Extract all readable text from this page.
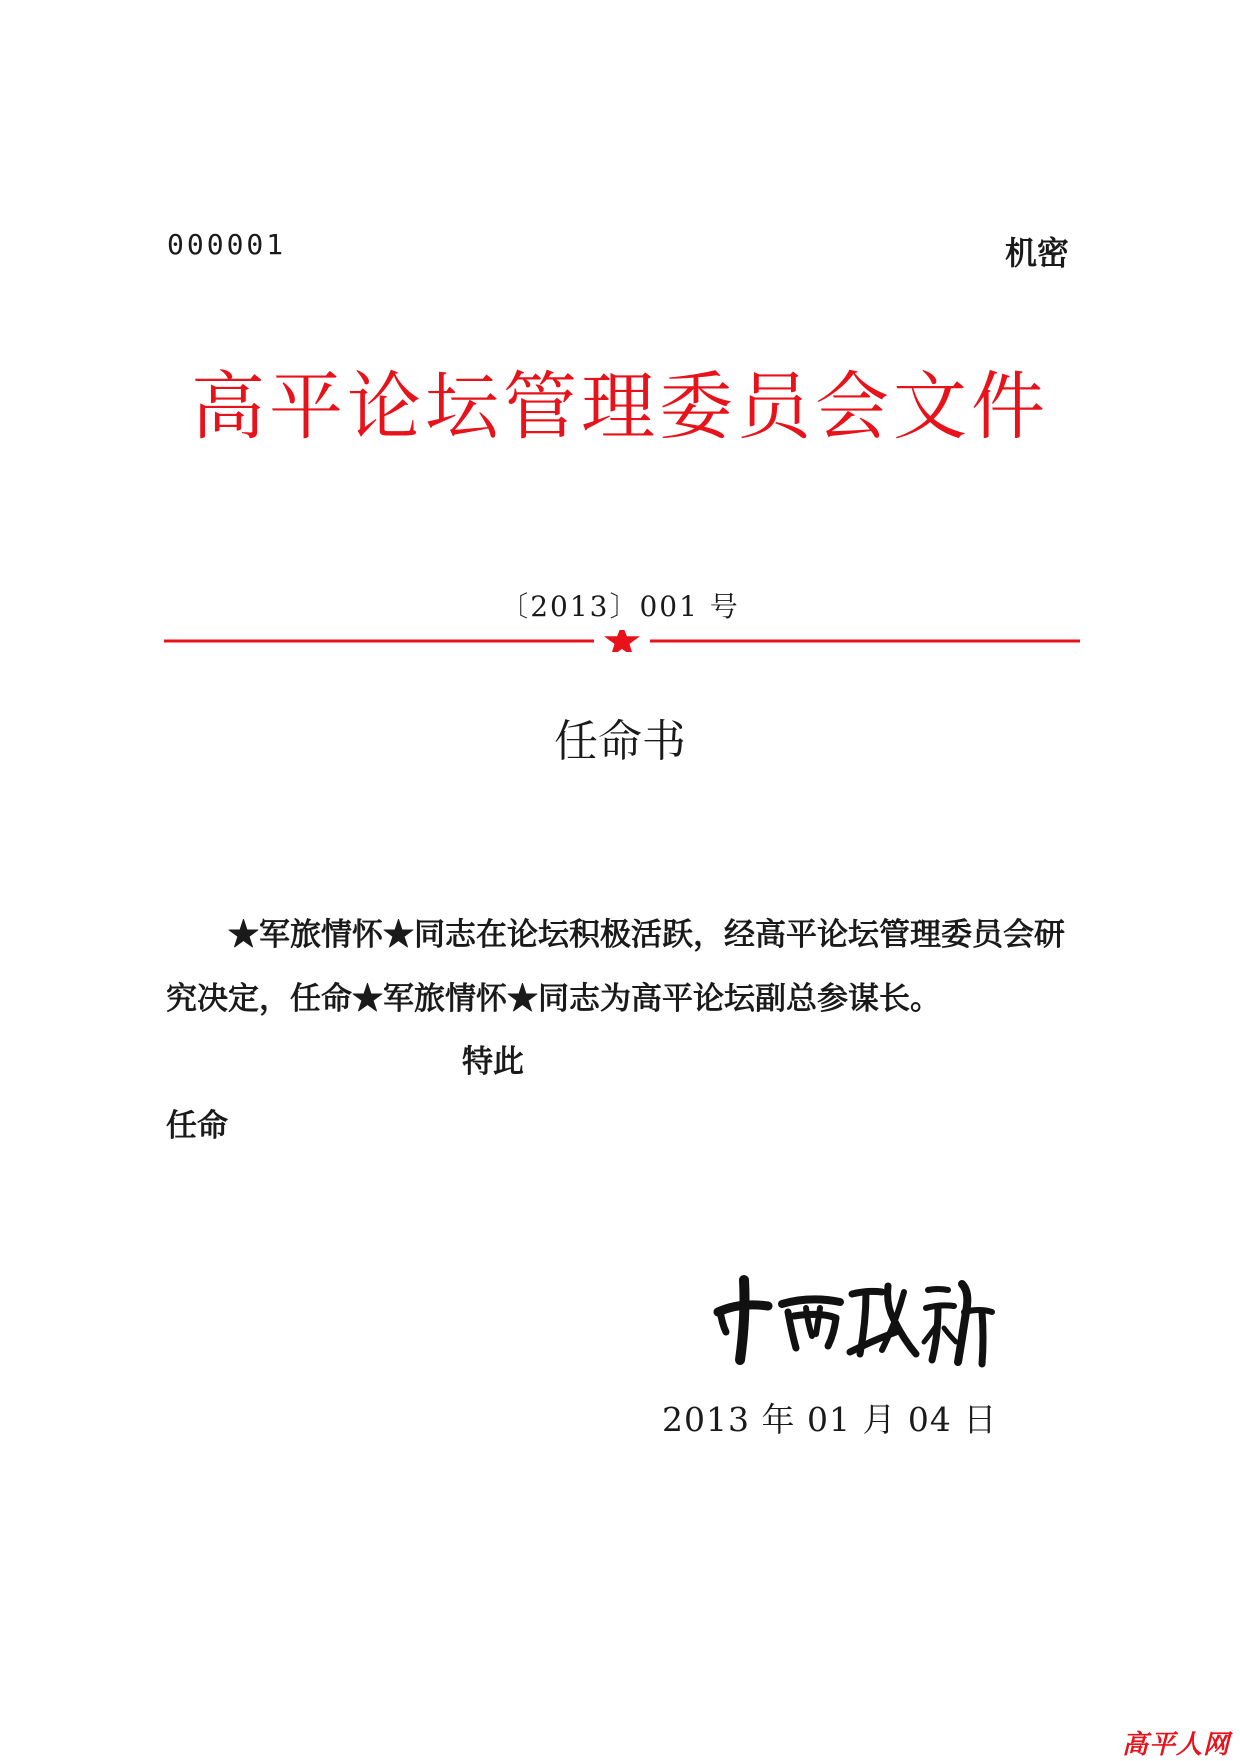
000001	机密
高平论坛管理委员会文件
〔2013〕001 号
任命书
★军旅情怀★同志在论坛积极活跃，经高平论坛管理委员会研究决定，任命★军旅情怀★同志为高平论坛副总参谋长。
特此
任命
2013 年 01 月 04 日
高平人网
